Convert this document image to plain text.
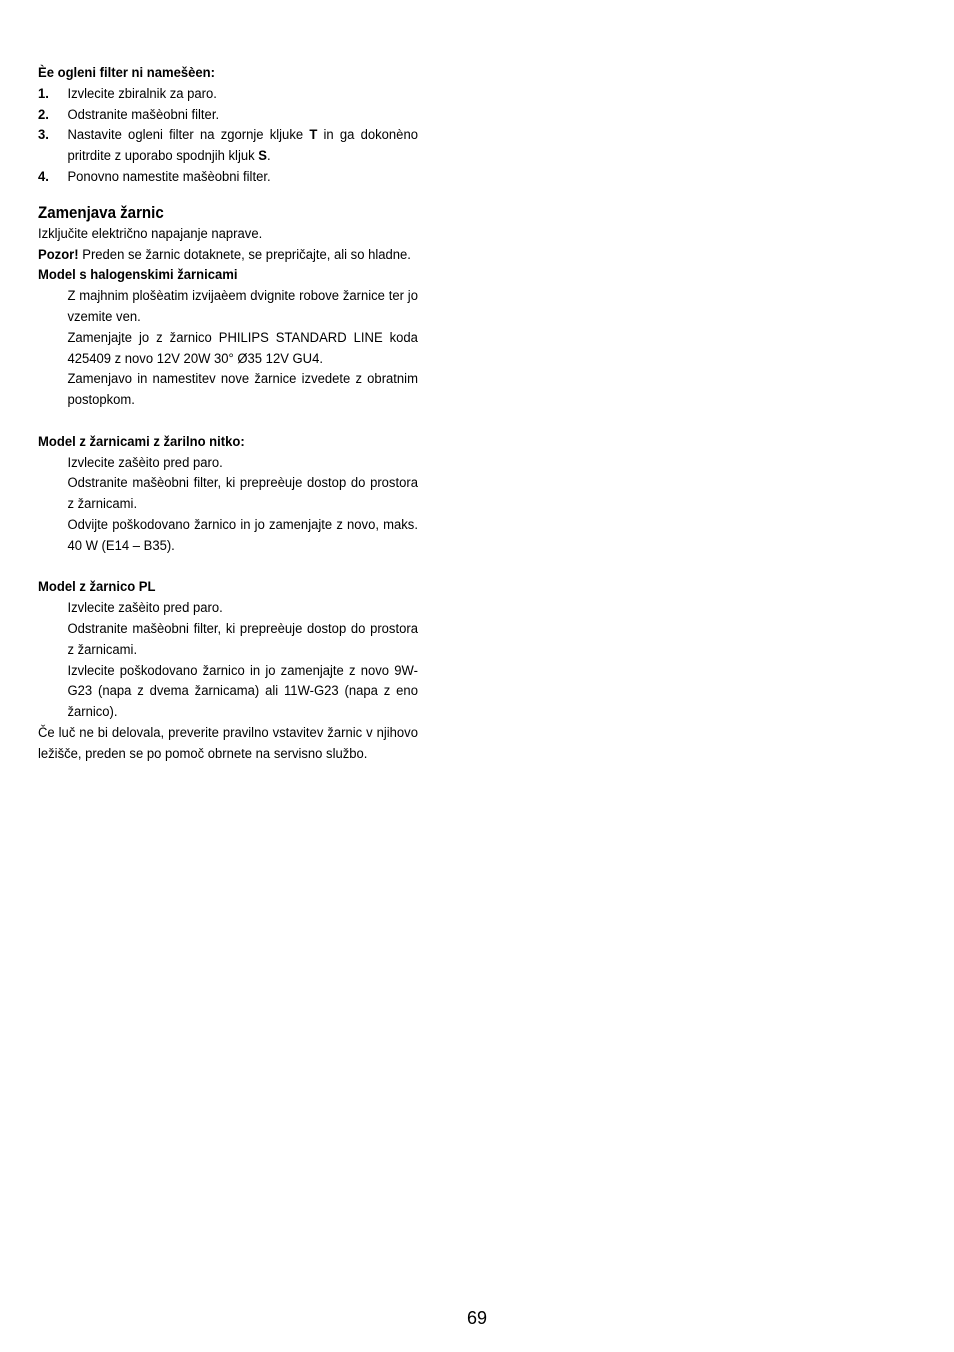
Èe ogleni filter ni namešèen:

1. Izvlecite zbiralnik za paro.

2. Odstranite mašèobni filter.

3. Nastavite ogleni filter na zgornje kljuke T in ga dokonèno pritrdite z uporabo spodnjih kljuk S.

4. Ponovno namestite mašèobni filter.

Zamenjava žarnic

Izključite električno napajanje naprave.

Pozor! Preden se žarnic dotaknete, se prepričajte, ali so hladne.

Model s halogenskimi žarnicami

Z majhnim plošèatim izvijaèem dvignite robove žarnice ter jo vzemite ven.

Zamenjajte jo z žarnico PHILIPS STANDARD LINE koda 425409 z novo 12V 20W 30° Ø35 12V GU4.

Zamenjavo in namestitev nove žarnice izvedete z obratnim postopkom.

Model z žarnicami z žarilno nitko:

Izvlecite zašèito pred paro.

Odstranite mašèobni filter, ki prepreèuje dostop do prostora z žarnicami.

Odvijte poškodovano žarnico in jo zamenjajte z novo, maks. 40 W (E14 – B35).

Model z žarnico PL

Izvlecite zašèito pred paro.

Odstranite mašèobni filter, ki prepreèuje dostop do prostora z žarnicami.

Izvlecite poškodovano žarnico in jo zamenjajte z novo 9W-G23 (napa z dvema žarnicama) ali 11W-G23 (napa z eno žarnico).

Če luč ne bi delovala, preverite pravilno vstavitev žarnic v njihovo ležišče, preden se po pomoč obrnete na servisno službo.

69
